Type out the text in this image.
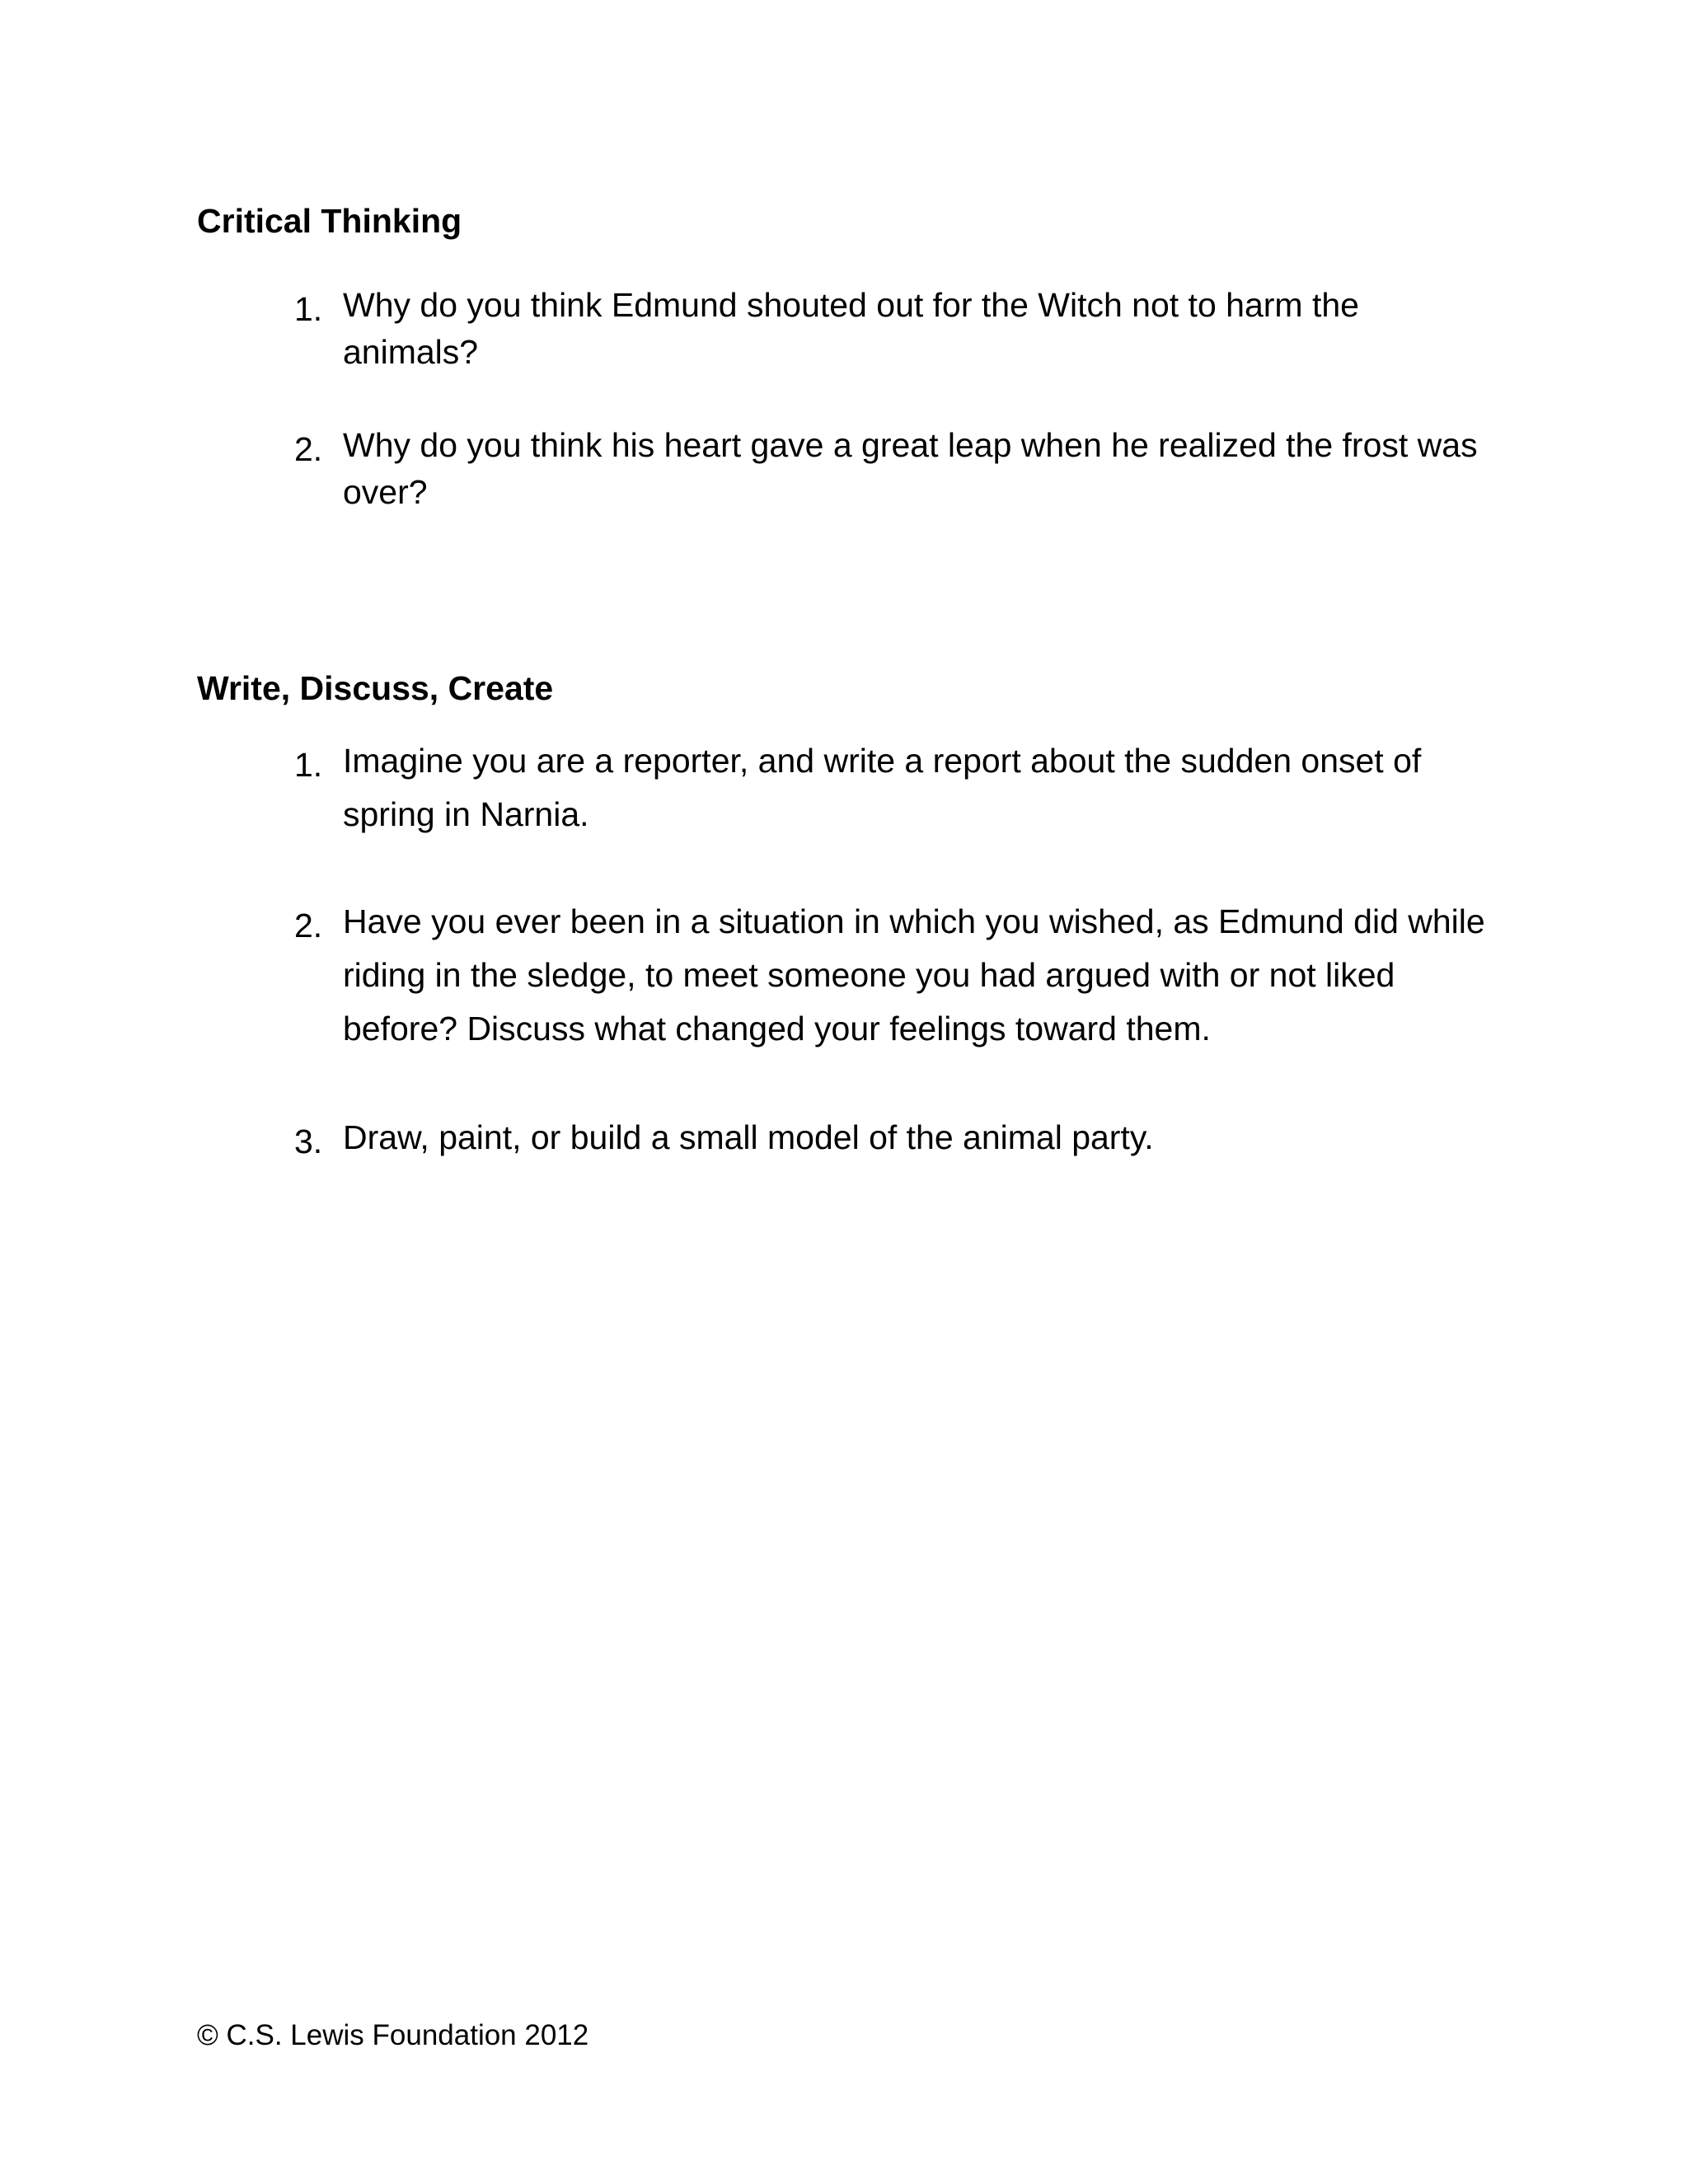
Critical Thinking
1. Why do you think Edmund shouted out for the Witch not to harm the animals?

2. Why do you think his heart gave a great leap when he realized the frost was over?

Write, Discuss, Create
1. Imagine you are a reporter, and write a report about the sudden onset of spring in Narnia.

2. Have you ever been in a situation in which you wished, as Edmund did while riding in the sledge, to meet someone you had argued with or not liked before? Discuss what changed your feelings toward them.

3. Draw, paint, or build a small model of the animal party.

© C.S. Lewis Foundation 2012
